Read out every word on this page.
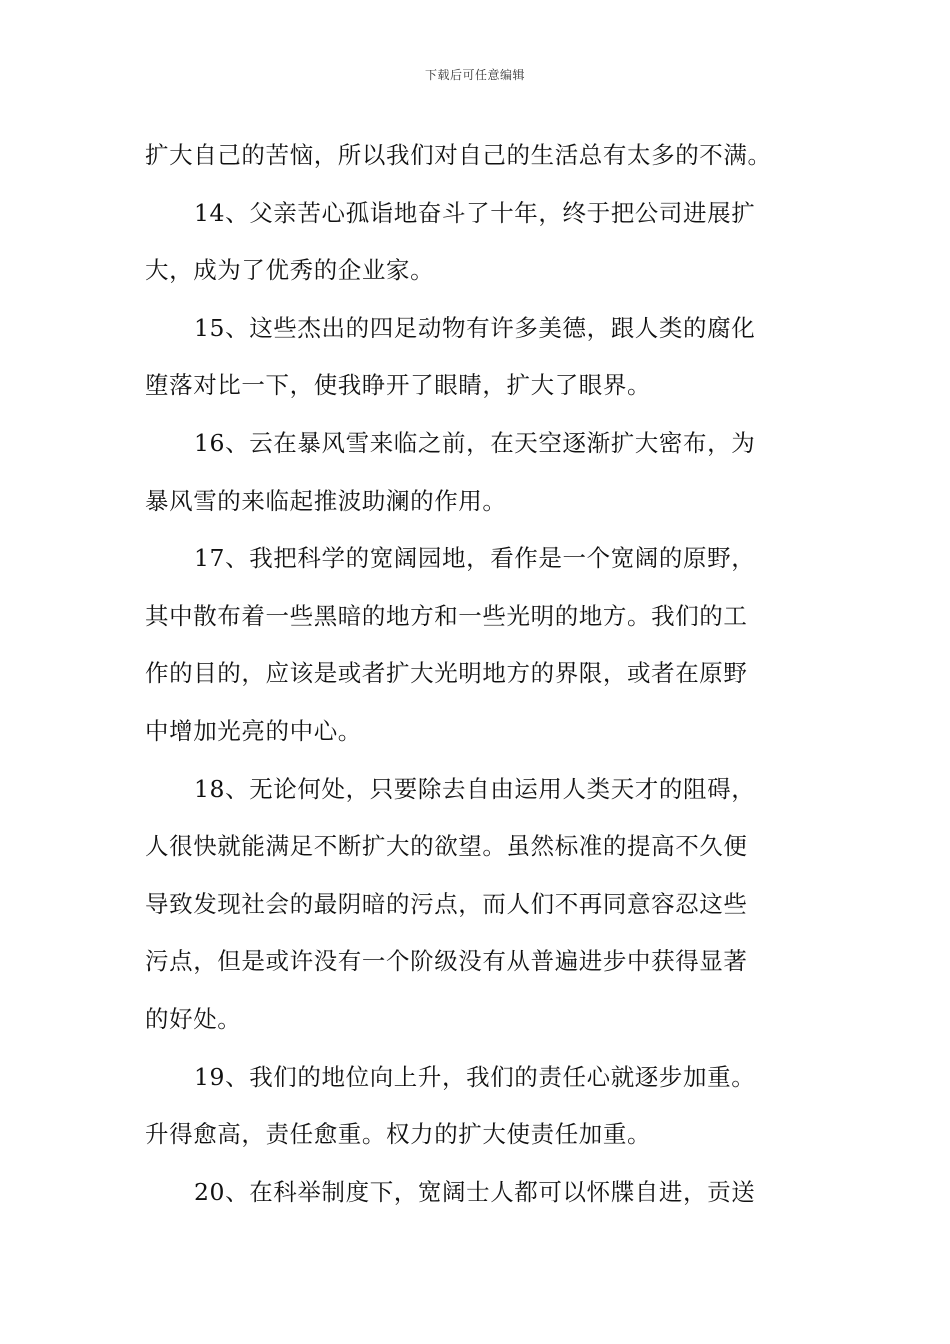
下载后可任意编辑
扩大自己的苦恼，所以我们对自己的生活总有太多的不满。
14、父亲苦心孤诣地奋斗了十年，终于把公司进展扩
大，成为了优秀的企业家。
15、这些杰出的四足动物有许多美德，跟人类的腐化
堕落对比一下，使我睁开了眼睛，扩大了眼界。
16、云在暴风雪来临之前，在天空逐渐扩大密布，为
暴风雪的来临起推波助澜的作用。
17、我把科学的宽阔园地，看作是一个宽阔的原野，
其中散布着一些黑暗的地方和一些光明的地方。我们的工
作的目的，应该是或者扩大光明地方的界限，或者在原野
中增加光亮的中心。
18、无论何处，只要除去自由运用人类天才的阻碍，
人很快就能满足不断扩大的欲望。虽然标准的提高不久便
导致发现社会的最阴暗的污点，而人们不再同意容忍这些
污点，但是或许没有一个阶级没有从普遍进步中获得显著
的好处。
19、我们的地位向上升，我们的责任心就逐步加重。
升得愈高，责任愈重。权力的扩大使责任加重。
20、在科举制度下，宽阔士人都可以怀牒自进，贡送
